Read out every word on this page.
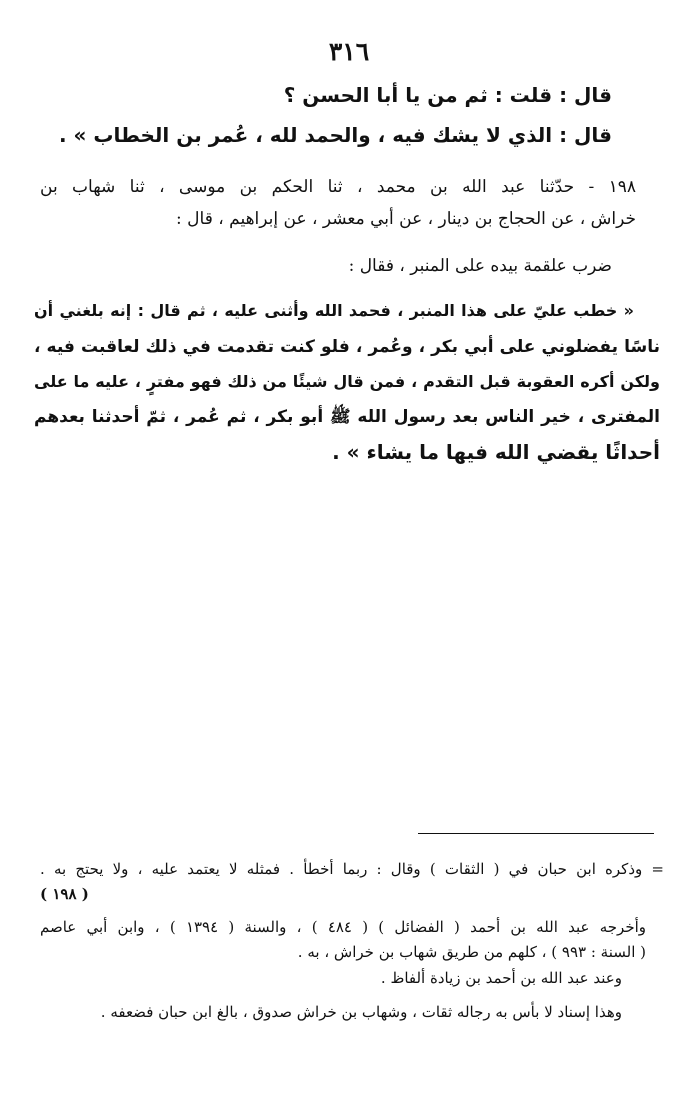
٣١٦
قال : قلت : ثم من يا أبا الحسن ؟
قال : الذي لا يشك فيه ، والحمد لله ، عُمر بن الخطاب » .
١٩٨ - حدّثنا عبد الله بن محمد ، ثنا الحكم بن موسى ، ثنا شهاب بن
خراش ، عن الحجاج بن دينار ، عن أبي معشر ، عن إبراهيم ، قال :
ضرب علقمة بيده على المنبر ، فقال :
« خطب عليّ على هذا المنبر ، فحمد الله وأثنى عليه ، ثم قال : إنه بلغني أن
ناسًا يفضلوني على أبي بكر ، وعُمر ، فلو كنت تقدمت في ذلك لعاقبت فيه ،
ولكن أكره العقوبة قبل التقدم ، فمن قال شيئًا من ذلك فهو مفترٍ ، عليه ما على
المفترى ، خير الناس بعد رسول الله ﷺ أبو بكر ، ثم عُمر ، ثمّ أحدثنا بعدهم
أحداثًا يقضي الله فيها ما يشاء » .
= وذكره ابن حبان في ( الثقات ) وقال : ربما أخطأ . فمثله لا يعتمد عليه ، ولا يحتج به .
( ١٩٨ )
وأخرجه عبد الله بن أحمد ( الفضائل ) ( ٤٨٤ ) ، والسنة ( ١٣٩٤ ) ، وابن أبي عاصم
( السنة : ٩٩٣ ) ، كلهم من طريق شهاب بن خراش ، به .
وعند عبد الله بن أحمد بن زيادة ألفاظ .
وهذا إسناد لا بأس به رجاله ثقات ، وشهاب بن خراش صدوق ، بالغ ابن حبان فضعفه .
